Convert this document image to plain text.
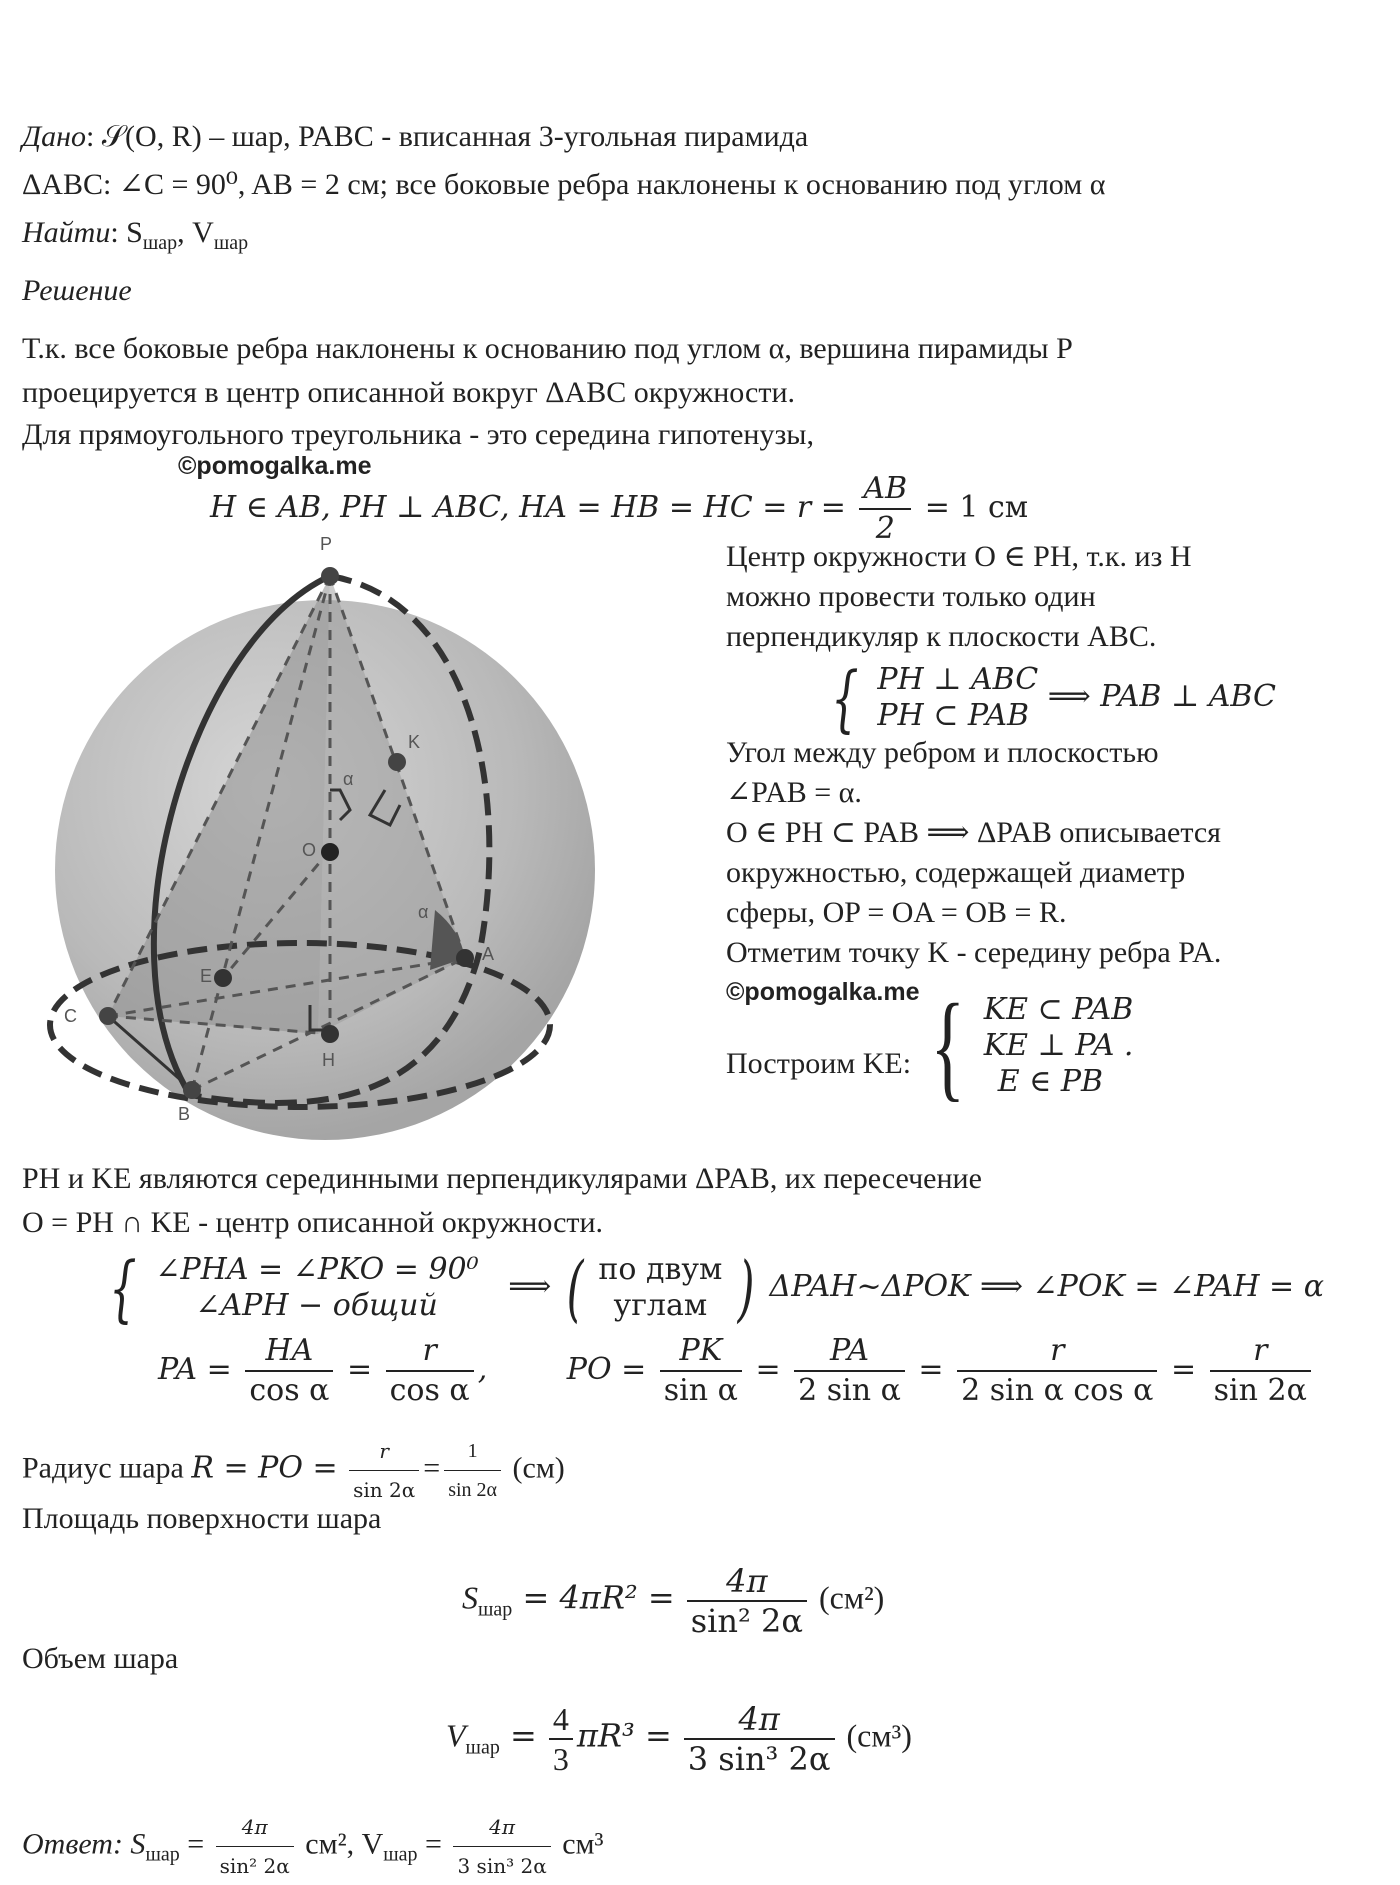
Дано: 𝒮(O, R) – шар, PABC - вписанная 3-угольная пирамида
ΔABC: ∠C = 90⁰, AB = 2 см; все боковые ребра наклонены к основанию под углом α
Найти: $S_{шар}$, $V_{шар}$
Решение
Т.к. все боковые ребра наклонены к основанию под углом α, вершина пирамиды P
проецируется в центр описанной вокруг ΔABC окружности.
Для прямоугольного треугольника - это середина гипотенузы,
©pomogalka.me
H ∈ AB, PH ⊥ ABC, HA = HB = HC = $r = \frac{AB}{2} = 1$ см
P
K
α
O
α
A
E
C
H
B
Центр окружности O ∈ PH, т.к. из H
можно провести только один
перпендикуляр к плоскости ABC.
{ PH ⊥ ABC
PH ⊂ PAB
⟹ PAB ⊥ ABC
Угол между ребром и плоскостью
∠PAB = α.
O ∈ PH ⊂ PAB ⟹ ΔPAB описывается
окружностью, содержащей диаметр
сферы, OP = OA = OB = R.
Отметим точку K - середину ребра PA.
©pomogalka.me
Построим KE: { KE ⊂ PAB
KE ⊥ PA .
E ∈ PB
PH и KE являются серединными перпендикулярами ΔPAB, их пересечение
O = PH ∩ KE - центр описанной окружности.
{ ∠PHA = ∠PKO = 90⁰
∠APH − общий
⟹ ( по двум
углам ) ΔPAH~ΔPOK ⟹ ∠POK = ∠PAH = α
PA = $\frac{HA}{\text{cos α}} = \frac{r}{\text{cos α}}$ ,	PO = $\frac{PK}{\text{sin α}} = \frac{PA}{\text{2 sin α}} = \frac{r}{\text{2 sin α cos α}} = \frac{r}{\sin 2\alpha}$
Радиус шара R = PO = $\frac{r}{\sin 2\alpha} = \frac{1}{\sin 2\alpha} (см)$
Площадь поверхности шара
$S_{шар} = 4\pi R^2 = \frac{4\pi}{\text{sin² 2α}} (см^2)$
Объем шара
$V_{шар} = \frac{4}{3} \pi R^3 = \frac{4\pi}{\text{3 sin³ 2α}} (см^3)$
Ответ: $S_{шар} = \frac{4\pi}{\text{sin² 2α}} см^2$, $V_{шар} = \frac{4\pi}{\text{3 sin³ 2α}} см^3$
